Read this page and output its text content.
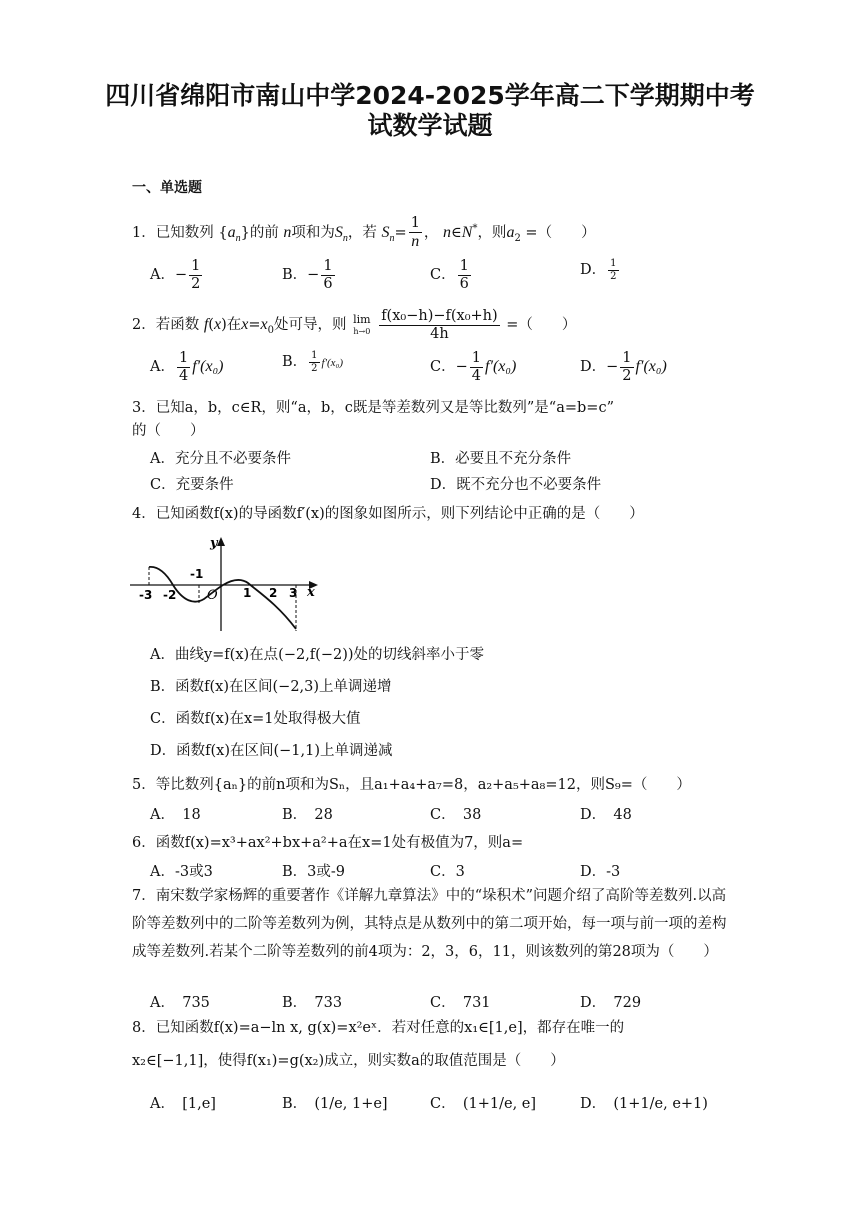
四川省绵阳市南山中学2024-2025学年高二下学期期中考
试数学试题
一、单选题
1．已知数列 $\{a_n\}$的前 n项和为$S_n$，若 $S_n= \frac{1}{n}$ ， n∈N*，则$a_2$ =（　　）
A．− $\frac{1}{2}$	B．− $\frac{1}{6}$	C． $\frac{1}{6}$	D． $\frac{1}{2}$
2．若函数 f(x)在$x=x_0$处可导，则 lim
h→0
$\frac{\text{f(x₀−h)−f(x₀+h)}}{4h}$ =（　　）
A． $\frac{1}{4} f'(x_0)$	B． $\frac{1}{2} f'(x_0)$	C．− $\frac{1}{4} f'(x_0)$	D．− $\frac{1}{2} f'(x_0)$
3．已知a，b，c∈R，则“a，b，c既是等差数列又是等比数列”是“a=b=c”
的（　　）
A．充分且不必要条件	B．必要且不充分条件
C．充要条件	D．既不充分也不必要条件
4．已知函数f(x)的导函数f′(x)的图象如图所示，则下列结论中正确的是（　　）
y
x
O
-3 -2
-1
1 2 3
A．曲线y=f(x)在点(−2,f(−2))处的切线斜率小于零
B．函数f(x)在区间(−2,3)上单调递增
C．函数f(x)在x=1处取得极大值
D．函数f(x)在区间(−1,1)上单调递减
5．等比数列{aₙ}的前n项和为Sₙ，且a₁+a₄+a₇=8，a₂+a₅+a₈=12，则S₉=（　　）
A．　18	B．　28	C．　38	D．　48
6．函数f(x)=x³+ax²+bx+a²+a在x=1处有极值为7，则a=
A．-3或3	B．3或-9	C．3	D．-3
7．南宋数学家杨辉的重要著作《详解九章算法》中的“垛积术”问题介绍了高阶等差数列.以高阶等差数列中的二阶等差数列为例，其特点是从数列中的第二项开始，每一项与前一项的差构成等差数列.若某个二阶等差数列的前4项为：2，3，6，11，则该数列的第28项为（　　）
A．　735	B．　733	C．　731	D．　729
8．已知函数f(x)=a−ln x, g(x)=x²eˣ．若对任意的x₁∈[1,e]，都存在唯一的
x₂∈[−1,1]，使得f(x₁)=g(x₂)成立，则实数a的取值范围是（　　）
A．　[1,e]	B．　(1/e, 1+e]	C．　(1+1/e, e]	D．　(1+1/e, e+1)
